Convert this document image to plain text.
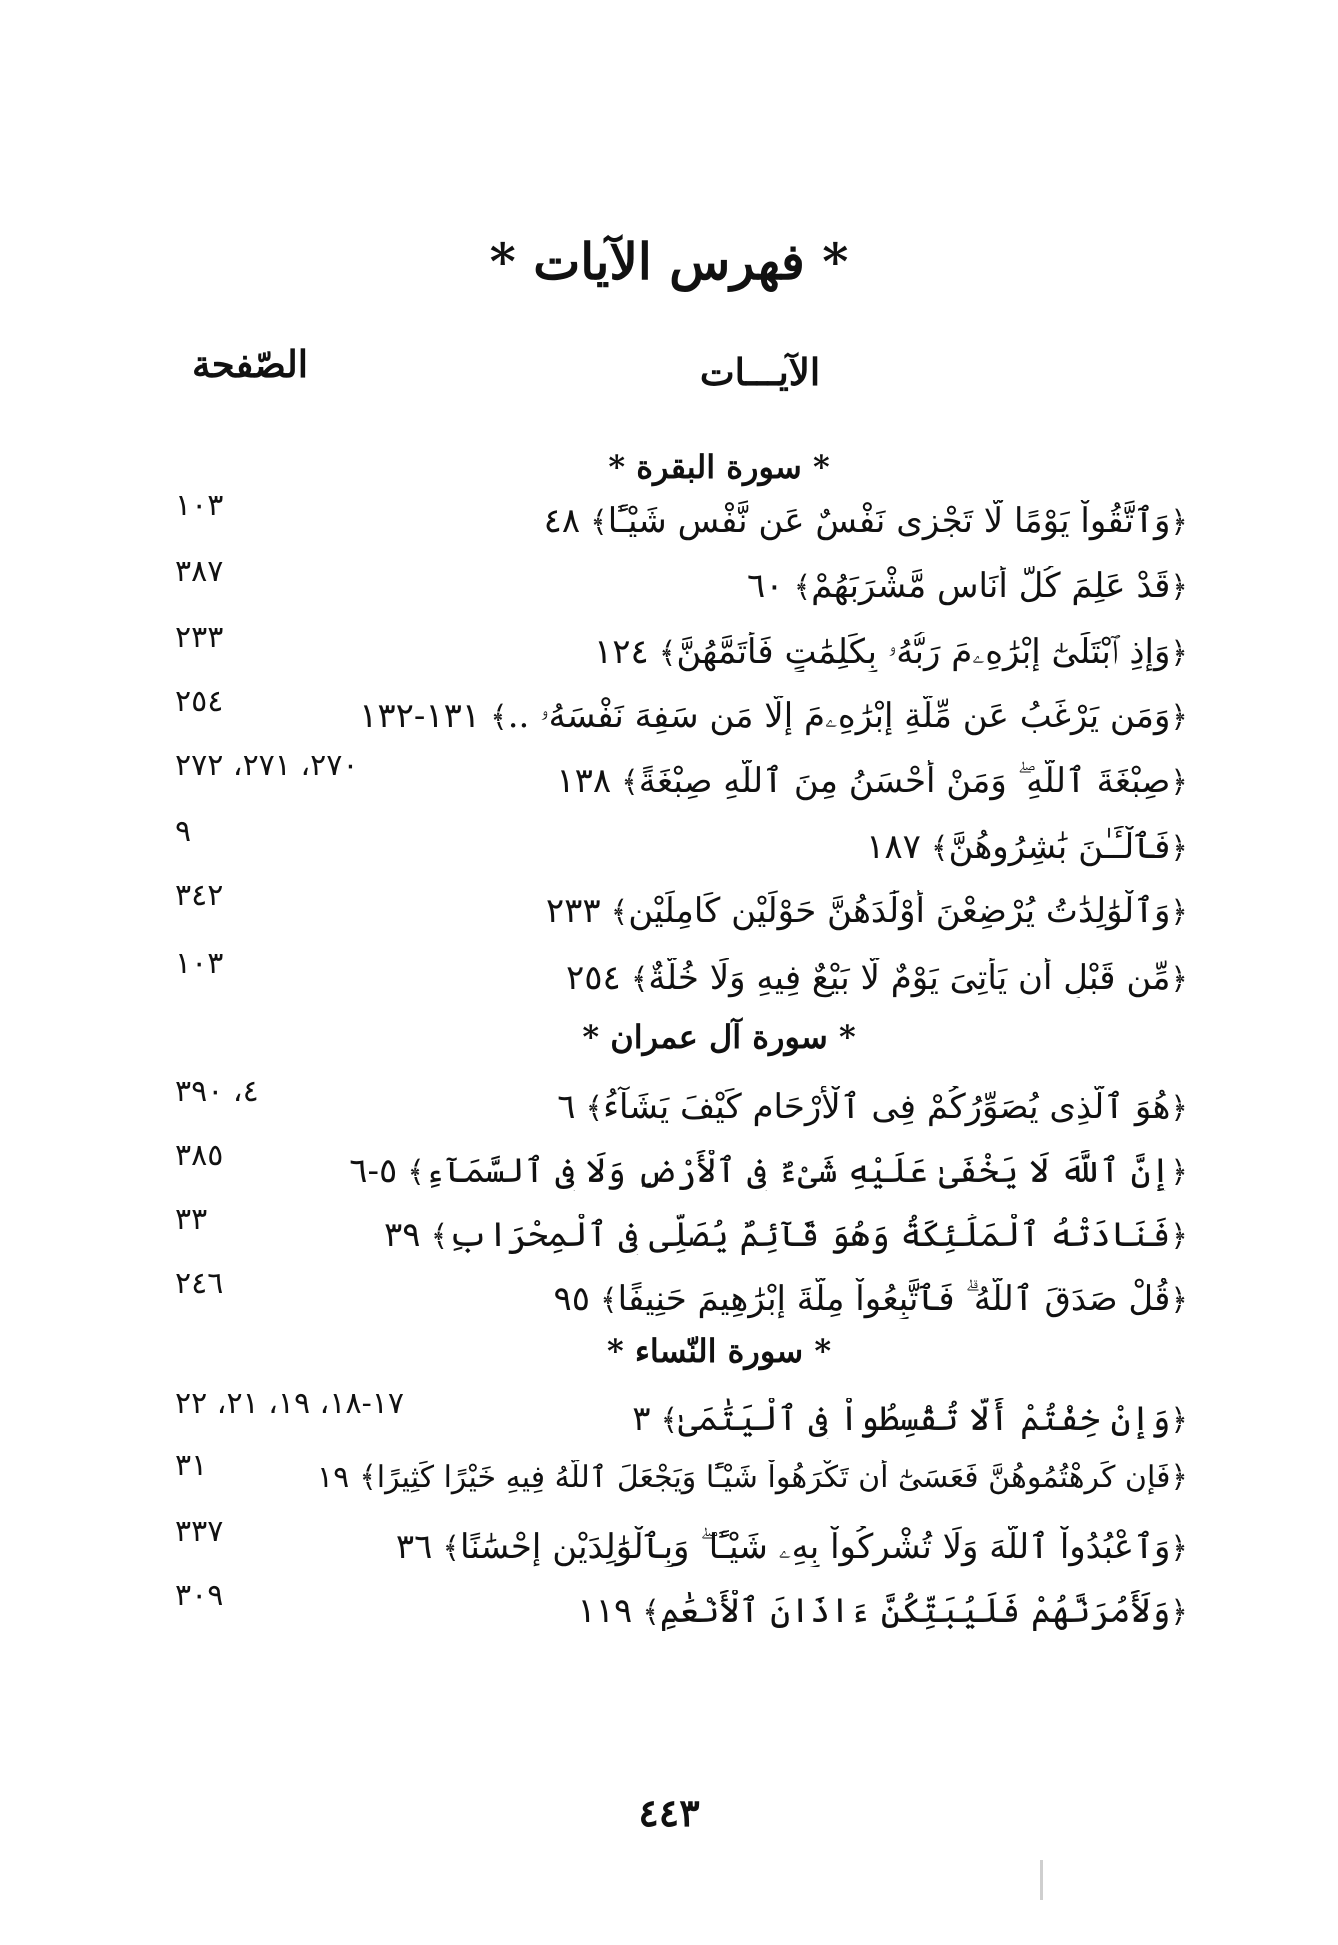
* فهرس الآيات *
الآيـــات
الصّفحة
* سورة البقرة *
﴿وَٱتَّقُواْ يَوْمًا لَّا تَجْزِى نَفْسٌ عَن نَّفْسٍ شَيْـًٔا﴾٤٨
١٠٣
﴿قَدْ عَلِمَ كُلُّ أُنَاسٍ مَّشْرَبَهُمْ﴾٦٠
٣٨٧
﴿وَإِذِ ٱبْتَلَىٰٓ إِبْرَٰهِۦمَ رَبُّهُۥ بِكَلِمَٰتٍ فَأَتَمَّهُنَّ﴾١٢٤
٢٣٣
﴿وَمَن يَرْغَبُ عَن مِّلَّةِ إِبْرَٰهِۦمَ إِلَّا مَن سَفِهَ نَفْسَهُۥ ..﴾١٣١-١٣٢
٢٥٤
﴿صِبْغَةَ ٱللَّهِ ۖ وَمَنْ أَحْسَنُ مِنَ ٱللَّهِ صِبْغَةً﴾١٣٨
٢٧٠، ٢٧١، ٢٧٢
﴿فَٱلْـَٔـٰنَ بَٰشِرُوهُنَّ﴾١٨٧
٩
﴿وَٱلْوَٰلِدَٰتُ يُرْضِعْنَ أَوْلَٰدَهُنَّ حَوْلَيْنِ كَامِلَيْنِ﴾٢٣٣
٣٤٢
﴿مِّن قَبْلِ أَن يَأْتِىَ يَوْمٌ لَّا بَيْعٌ فِيهِ وَلَا خُلَّةٌ﴾٢٥٤
١٠٣
* سورة آل عمران *
﴿هُوَ ٱلَّذِى يُصَوِّرُكُمْ فِى ٱلْأَرْحَامِ كَيْفَ يَشَآءُ﴾٦
٤، ٣٩٠
﴿إِنَّ ٱللَّهَ لَا يَخْفَىٰ عَلَيْهِ شَىْءٌ فِى ٱلْأَرْضِ وَلَا فِى ٱلسَّمَآءِ﴾٥-٦
٣٨٥
﴿فَنَادَتْهُ ٱلْمَلَٰٓئِكَةُ وَهُوَ قَآئِمٌ يُصَلِّى فِى ٱلْمِحْرَابِ﴾٣٩
٣٣
﴿قُلْ صَدَقَ ٱللَّهُ ۗ فَٱتَّبِعُواْ مِلَّةَ إِبْرَٰهِيمَ حَنِيفًا﴾٩٥
٢٤٦
* سورة النّساء *
﴿وَإِنْ خِفْتُمْ أَلَّا تُقْسِطُواْ فِى ٱلْيَتَٰمَىٰ﴾٣
١٧-١٨، ١٩، ٢١، ٢٢
﴿فَإِن كَرِهْتُمُوهُنَّ فَعَسَىٰٓ أَن تَكْرَهُواْ شَيْـًٔا وَيَجْعَلَ ٱللَّهُ فِيهِ خَيْرًا كَثِيرًا﴾١٩
٣١
﴿وَٱعْبُدُواْ ٱللَّهَ وَلَا تُشْرِكُواْ بِهِۦ شَيْـًٔا ۖ وَبِٱلْوَٰلِدَيْنِ إِحْسَٰنًا﴾٣٦
٣٣٧
﴿وَلَأَمُرَنَّهُمْ فَلَيُبَتِّكُنَّ ءَاذَانَ ٱلْأَنْعَٰمِ﴾١١٩
٣٠٩
٤٤٣
